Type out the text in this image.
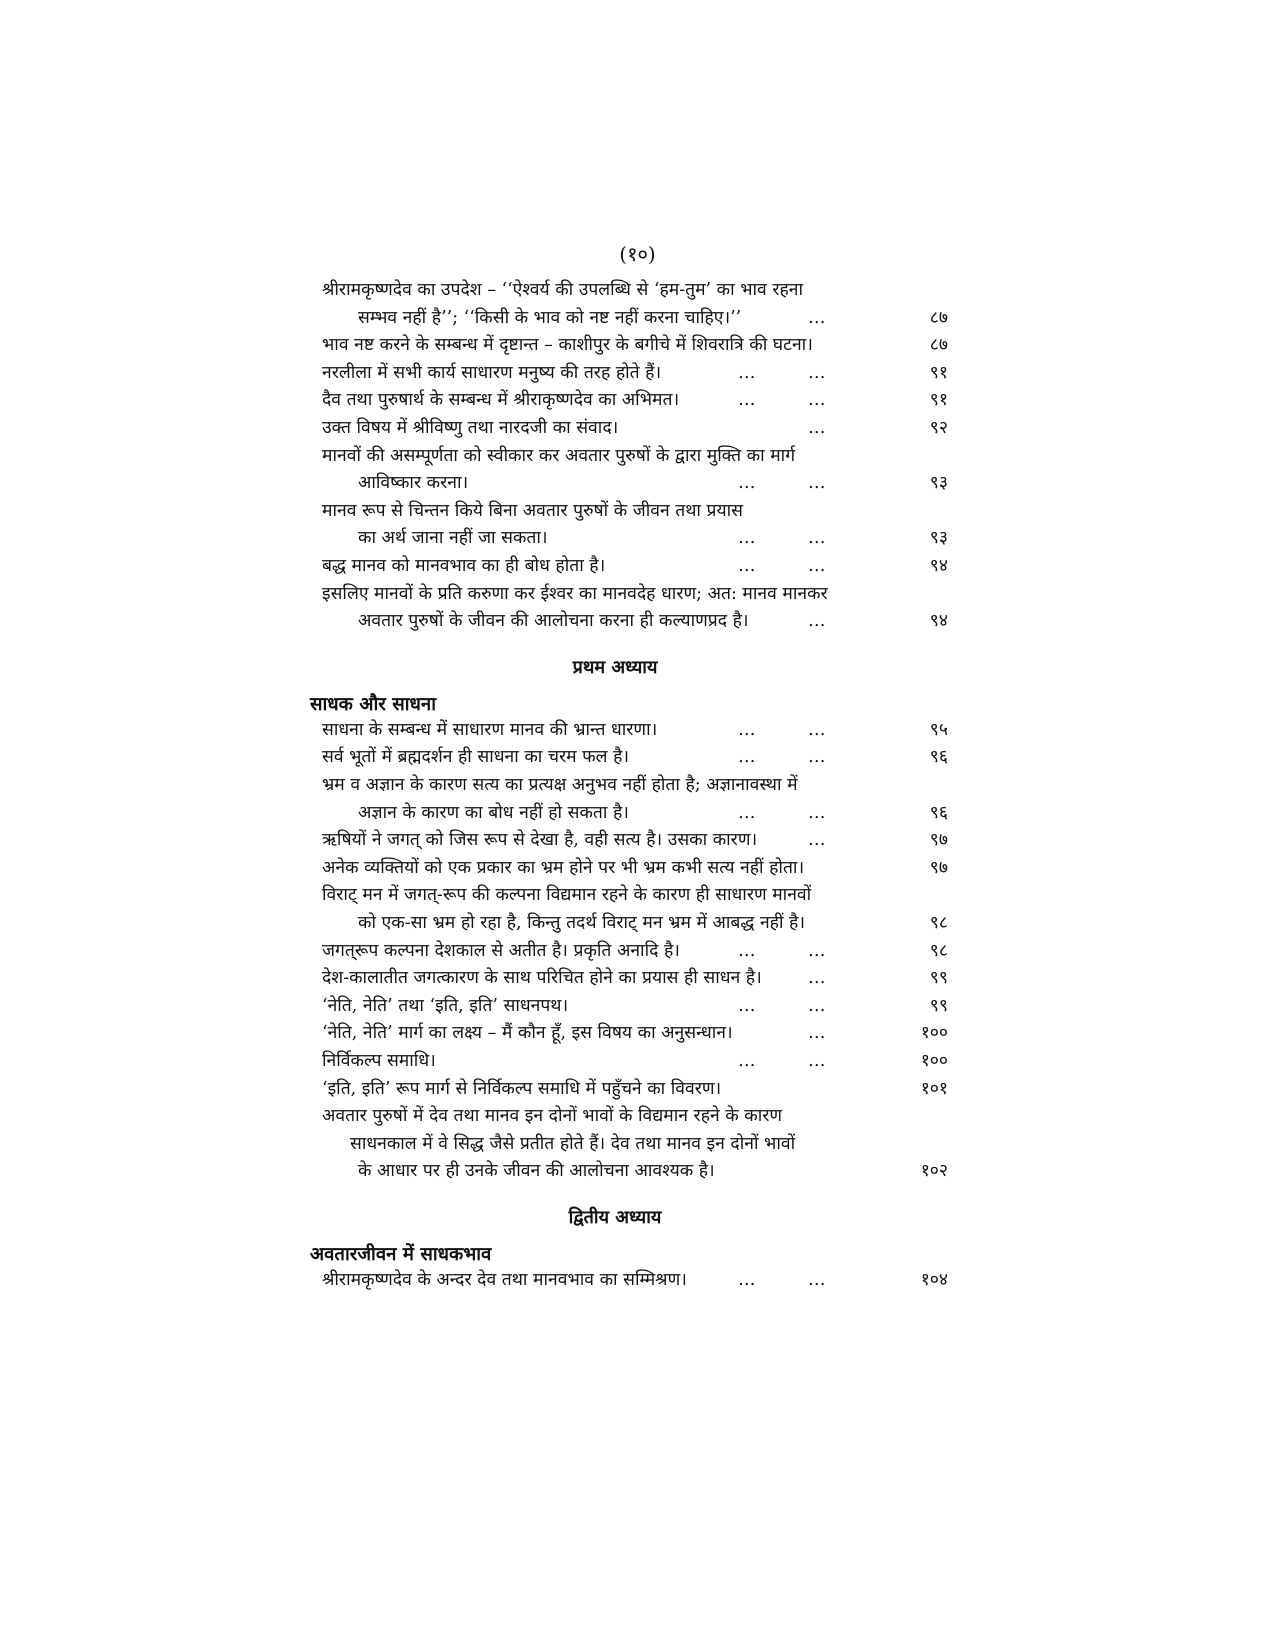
(१०)
श्रीरामकृष्णदेव का उपदेश – ‘‘ऐश्वर्य की उपलब्धि से ‘हम-तुम’ का भाव रहना
सम्भव नहीं है’’; ‘‘किसी के भाव को नष्ट नहीं करना चाहिए।’’	…	८७
भाव नष्ट करने के सम्बन्ध में दृष्टान्त – काशीपुर के बगीचे में शिवरात्रि की घटना।	८७
नरलीला में सभी कार्य साधारण मनुष्य की तरह होते हैं।	…	…	९१
दैव तथा पुरुषार्थ के सम्बन्ध में श्रीराकृष्णदेव का अभिमत।	…	…	९१
उक्त विषय में श्रीविष्णु तथा नारदजी का संवाद।	…	९२
मानवों की असम्पूर्णता को स्वीकार कर अवतार पुरुषों के द्वारा मुक्ति का मार्ग
आविष्कार करना।	…	…	९३
मानव रूप से चिन्तन किये बिना अवतार पुरुषों के जीवन तथा प्रयास
का अर्थ जाना नहीं जा सकता।	…	…	९३
बद्ध मानव को मानवभाव का ही बोध होता है।	…	…	९४
इसलिए मानवों के प्रति करुणा कर ईश्वर का मानवदेह धारण; अत: मानव मानकर
अवतार पुरुषों के जीवन की आलोचना करना ही कल्याणप्रद है।	…	९४
प्रथम अध्याय
साधक और साधना
साधना के सम्बन्ध में साधारण मानव की भ्रान्त धारणा।	…	…	९५
सर्व भूतों में ब्रह्मदर्शन ही साधना का चरम फल है।	…	…	९६
भ्रम व अज्ञान के कारण सत्य का प्रत्यक्ष अनुभव नहीं होता है; अज्ञानावस्था में
अज्ञान के कारण का बोध नहीं हो सकता है।	…	…	९६
ऋषियों ने जगत् को जिस रूप से देखा है, वही सत्य है। उसका कारण।	…	९७
अनेक व्यक्तियों को एक प्रकार का भ्रम होने पर भी भ्रम कभी सत्य नहीं होता।	९७
विराट् मन में जगत्-रूप की कल्पना विद्यमान रहने के कारण ही साधारण मानवों
को एक-सा भ्रम हो रहा है, किन्तु तदर्थ विराट् मन भ्रम में आबद्ध नहीं है।	९८
जगत्‌रूप कल्पना देशकाल से अतीत है। प्रकृति अनादि है।	…	…	९८
देश-कालातीत जगत्कारण के साथ परिचित होने का प्रयास ही साधन है।	…	९९
‘नेति, नेति’ तथा ‘इति, इति’ साधनपथ।	…	…	९९
‘नेति, नेति’ मार्ग का लक्ष्य – मैं कौन हूँ, इस विषय का अनुसन्धान।	…	१००
निर्विकल्प समाधि।	…	…	१००
‘इति, इति’ रूप मार्ग से निर्विकल्प समाधि में पहुँचने का विवरण।	१०१
अवतार पुरुषों में देव तथा मानव इन दोनों भावों के विद्यमान रहने के कारण
साधनकाल में वे सिद्ध जैसे प्रतीत होते हैं। देव तथा मानव इन दोनों भावों
के आधार पर ही उनके जीवन की आलोचना आवश्यक है।	१०२
द्वितीय अध्याय
अवतारजीवन में साधकभाव
श्रीरामकृष्णदेव के अन्दर देव तथा मानवभाव का सम्मिश्रण।	…	…	१०४
